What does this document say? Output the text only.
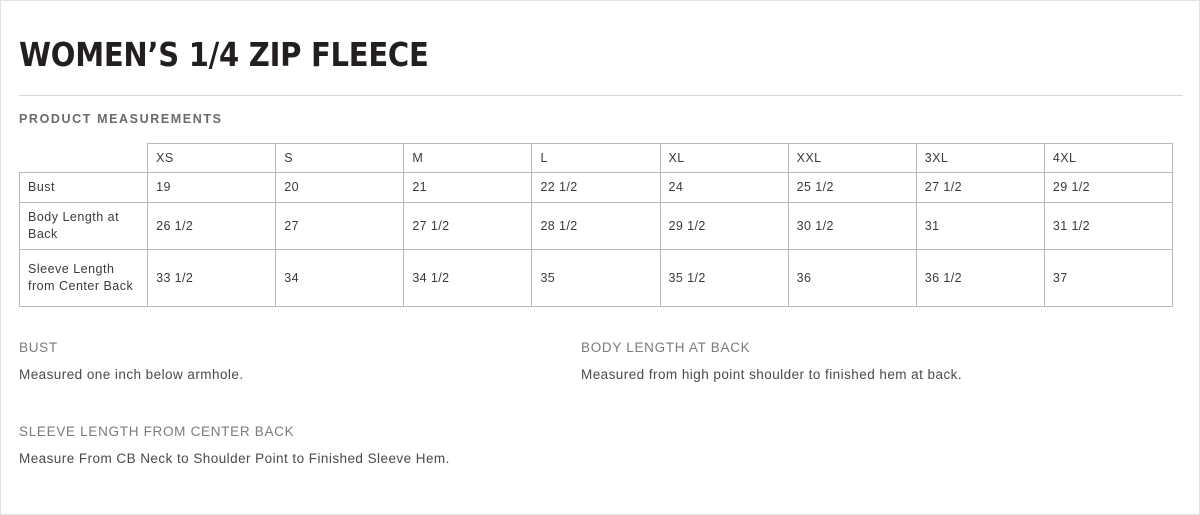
WOMEN’S 1/4 ZIP FLEECE
PRODUCT MEASUREMENTS
	XS	S	M	L	XL	XXL	3XL	4XL
Bust	19	20	21	22 1/2	24	25 1/2	27 1/2	29 1/2
Body Length at Back	26 1/2	27	27 1/2	28 1/2	29 1/2	30 1/2	31	31 1/2
Sleeve Length from Center Back	33 1/2	34	34 1/2	35	35 1/2	36	36 1/2	37
BUST

Measured one inch below armhole.

BODY LENGTH AT BACK

Measured from high point shoulder to finished hem at back.

SLEEVE LENGTH FROM CENTER BACK

Measure From CB Neck to Shoulder Point to Finished Sleeve Hem.
